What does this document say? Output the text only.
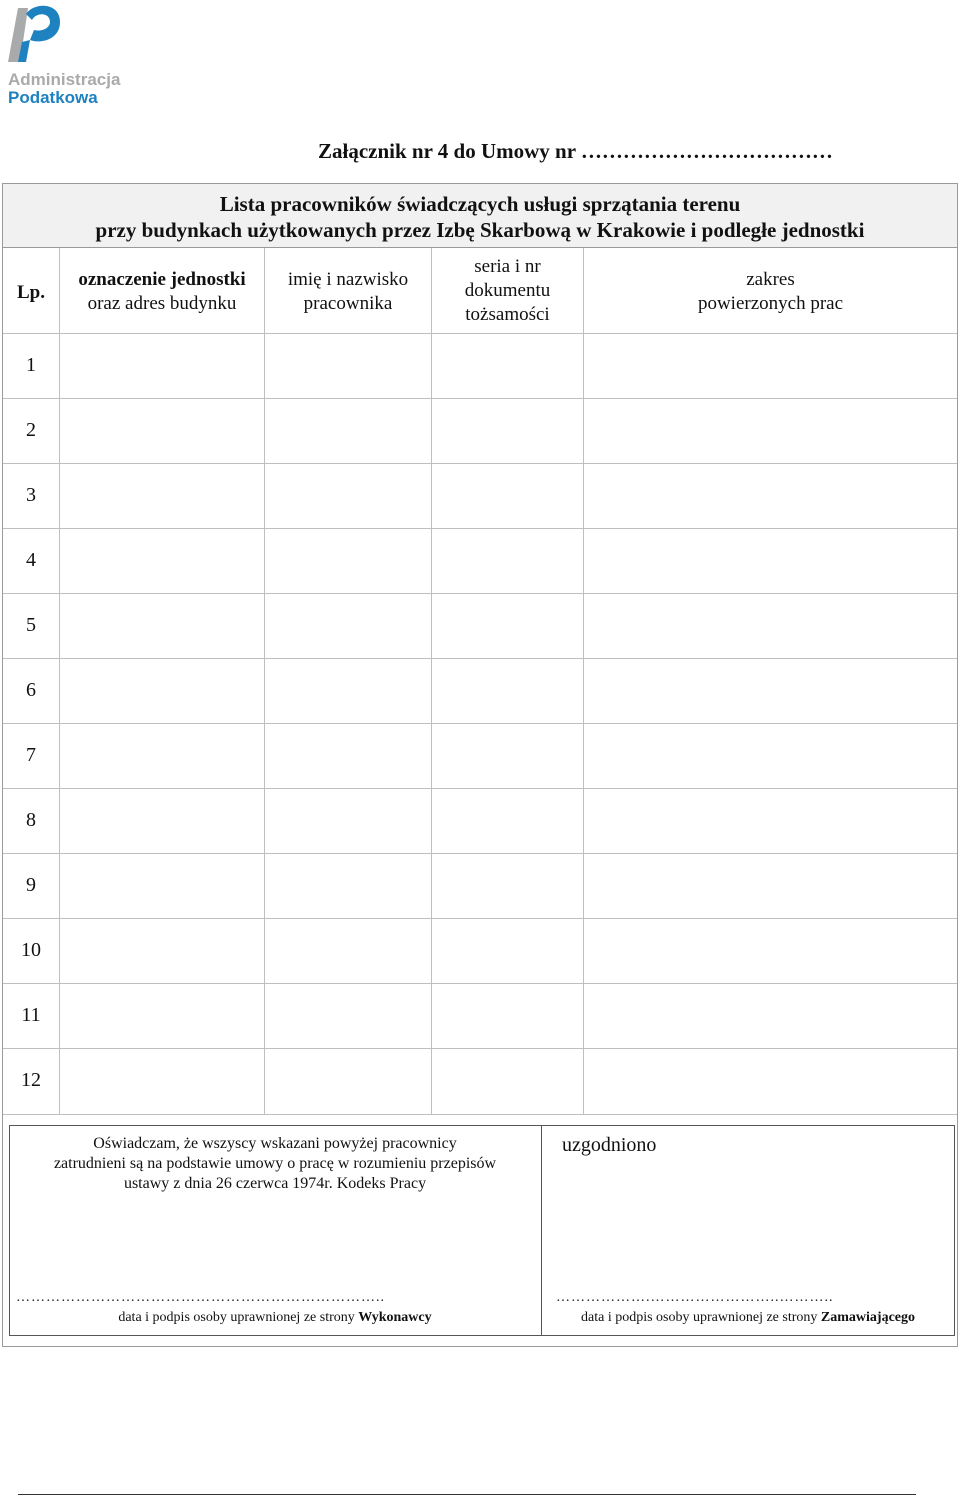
Administracja
Podatkowa
Załącznik nr 4 do Umowy nr ………………………………
Lista pracowników świadczących usługi sprzątania terenu
przy budynkach użytkowanych przez Izbę Skarbową w Krakowie i podległe jednostki
Lp.
oznaczenie jednostki
oraz adres budynku
imię i nazwisko
pracownika
seria i nr
dokumentu
tożsamości
zakres
powierzonych prac
1
2
3
4
5
6
7
8
9
10
11
12
Oświadczam, że wszyscy wskazani powyżej pracownicy
zatrudnieni są na podstawie umowy o pracę w rozumieniu przepisów
ustawy z dnia 26 czerwca 1974r. Kodeks Pracy
uzgodniono
………………………………………………………………..	……………….……………………..………..
data i podpis osoby uprawnionej ze strony Wykonawcy	data i podpis osoby uprawnionej ze strony Zamawiającego
